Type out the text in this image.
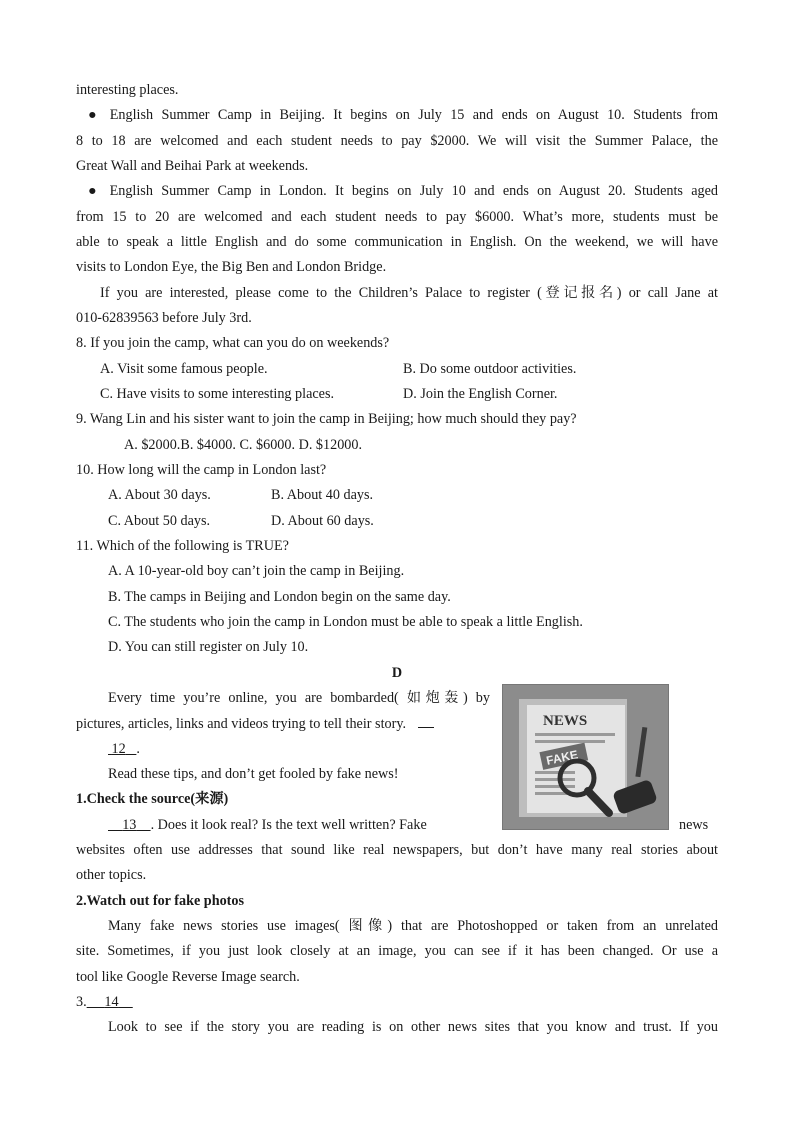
interesting places.
● English Summer Camp in Beijing. It begins on July 15 and ends on August 10. Students from
8 to 18 are welcomed and each student needs to pay $2000. We will visit the Summer Palace, the
Great Wall and Beihai Park at weekends.
● English Summer Camp in London. It begins on July 10 and ends on August 20. Students aged
from 15 to 20 are welcomed and each student needs to pay $6000. What’s more, students must be
able to speak a little English and do some communication in English. On the weekend, we will have
visits to London Eye, the Big Ben and London Bridge.
If you are interested, please come to the Children’s Palace to register (登记报名) or call Jane at
010-62839563 before July 3rd.
8. If you join the camp, what can you do on weekends?
A. Visit some famous people.	B. Do some outdoor activities.
C. Have visits to some interesting places.	D. Join the English Corner.
9. Wang Lin and his sister want to join the camp in Beijing; how much should they pay?
A. $2000.B. $4000. C. $6000. D. $12000.
10. How long will the camp in London last?
A. About 30 days.	B. About 40 days.
C. About 50 days.	D. About 60 days.
11. Which of the following is TRUE?
A. A 10-year-old boy can’t join the camp in Beijing.
B. The camps in Beijing and London begin on the same day.
C. The students who join the camp in London must be able to speak a little English.
D. You can still register on July 10.
D
Every time you’re online, you are bombarded( 如炮轰) by
pictures, articles, links and videos trying to tell their story.
12 .
Read these tips, and don’t get fooled by fake news!
1.Check the source(来源)
13 . Does it look real? Is the text well written? Fake	news
websites often use addresses that sound like real newspapers, but don’t have many real stories about
other topics.
2.Watch out for fake photos
Many fake news stories use images( 图像) that are Photoshopped or taken from an unrelated
site. Sometimes, if you just look closely at an image, you can see if it has been changed. Or use a
tool like Google Reverse Image search.
3. 14
Look to see if the story you are reading is on other news sites that you know and trust. If you
NEWS
FAKE
